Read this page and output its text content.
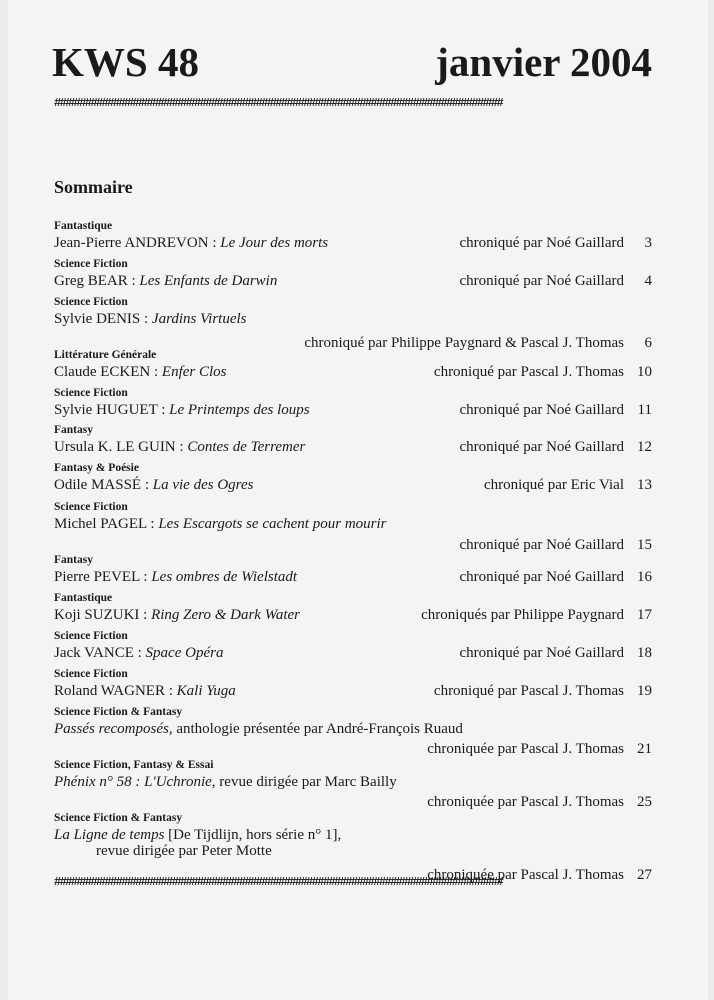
KWS 48	janvier 2004
################################################################################
Sommaire
Fantastique
Jean-Pierre ANDREVON : Le Jour des morts	chroniqué par Noé Gaillard 3
Science Fiction
Greg BEAR : Les Enfants de Darwin	chroniqué par Noé Gaillard 4
Science Fiction
Sylvie DENIS : Jardins Virtuels
chroniqué par Philippe Paygnard & Pascal J. Thomas 6
Littérature Générale
Claude ECKEN : Enfer Clos	chroniqué par Pascal J. Thomas 10
Science Fiction
Sylvie HUGUET : Le Printemps des loups	chroniqué par Noé Gaillard 11
Fantasy
Ursula K. LE GUIN : Contes de Terremer	chroniqué par Noé Gaillard 12
Fantasy & Poésie
Odile MASSÉ : La vie des Ogres	chroniqué par Eric Vial 13
Science Fiction
Michel PAGEL : Les Escargots se cachent pour mourir
chroniqué par Noé Gaillard 15
Fantasy
Pierre PEVEL : Les ombres de Wielstadt	chroniqué par Noé Gaillard 16
Fantastique
Koji SUZUKI : Ring Zero & Dark Water	chroniqués par Philippe Paygnard 17
Science Fiction
Jack VANCE : Space Opéra	chroniqué par Noé Gaillard 18
Science Fiction
Roland WAGNER : Kali Yuga	chroniqué par Pascal J. Thomas 19
Science Fiction & Fantasy
Passés recomposés, anthologie présentée par André-François Ruaud
chroniquée par Pascal J. Thomas 21
Science Fiction, Fantasy & Essai
Phénix n° 58 : L'Uchronie, revue dirigée par Marc Bailly
chroniquée par Pascal J. Thomas 25
Science Fiction & Fantasy
La Ligne de temps [De Tijdlijn, hors série n° 1],
revue dirigée par Peter Motte
chroniquée par Pascal J. Thomas 27
################################################################################
